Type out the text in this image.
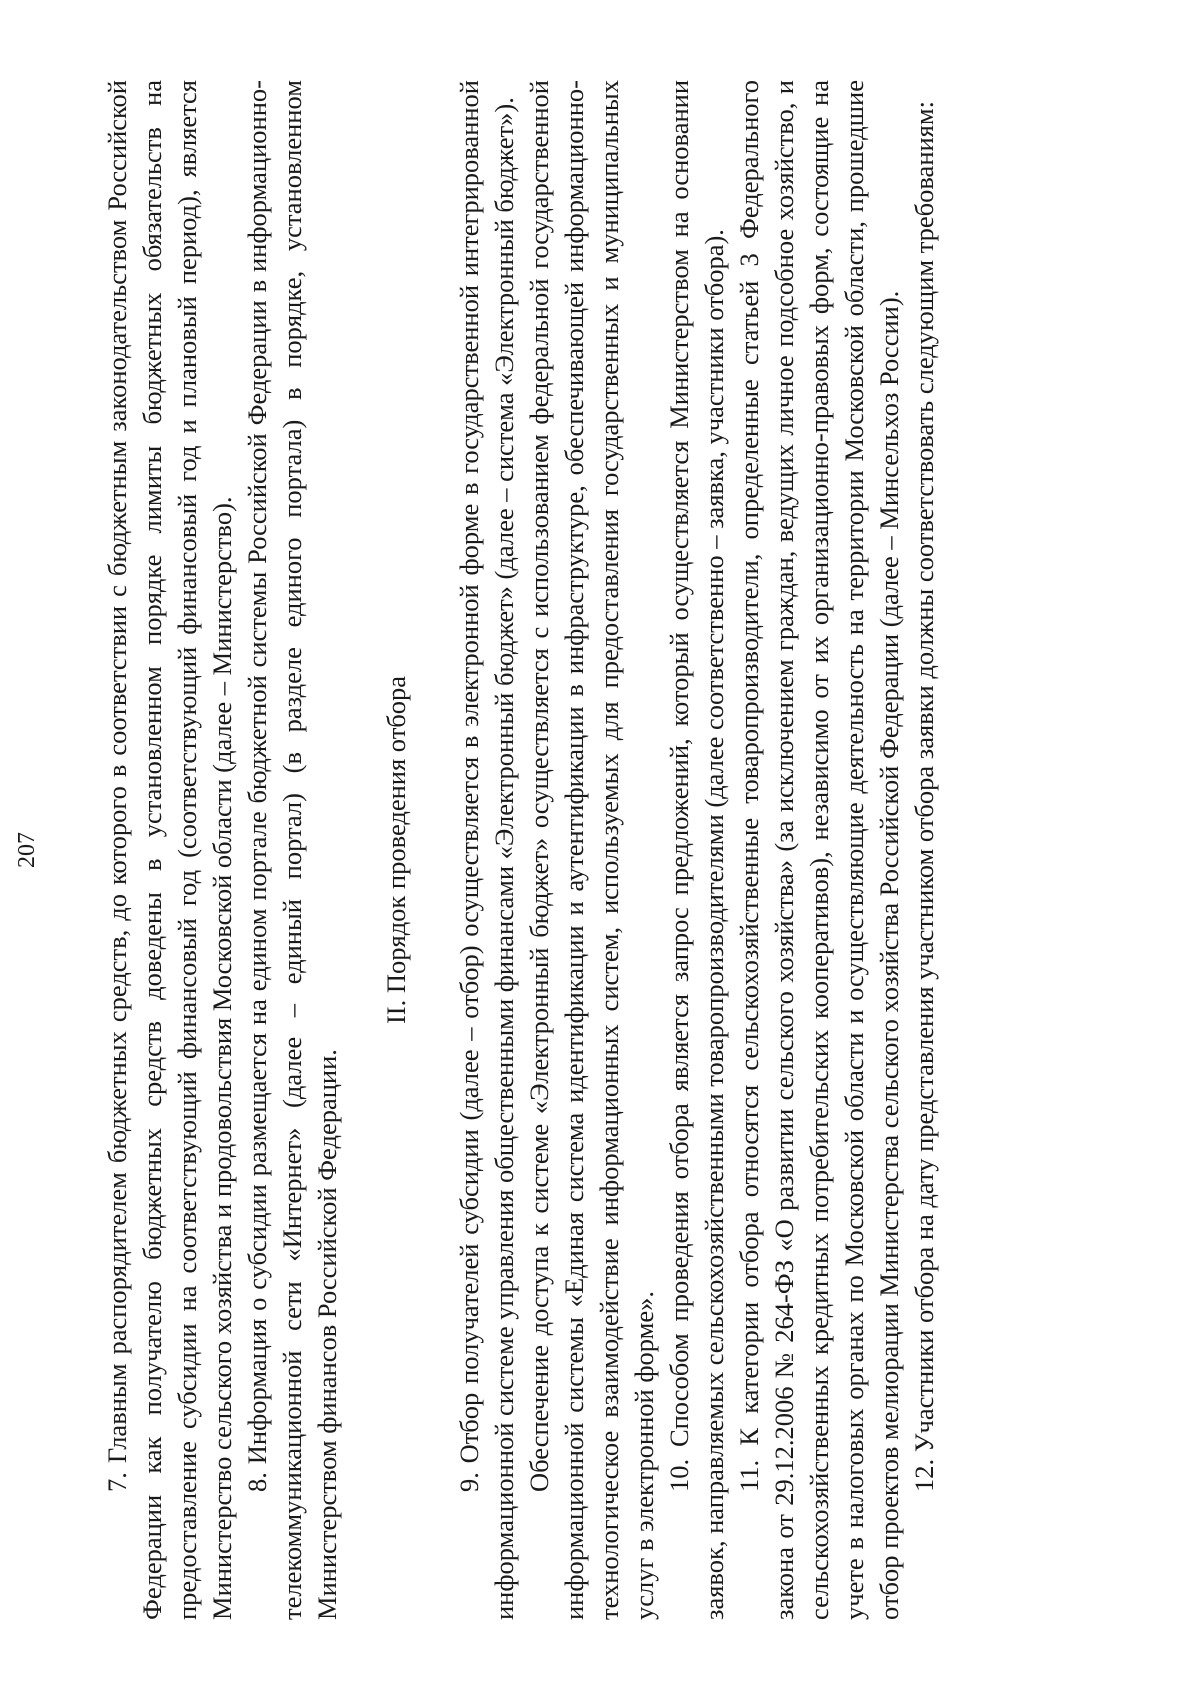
207 7. Главным распорядителем бюджетных средств, до которого в соответствии с бюджетным законодательством Российской Федерации как получателю бюджетных средств доведены в установленном порядке лимиты бюджетных обязательств на предоставление субсидии на соответствующий финансовый год (соответствующий финансовый год и плановый период), является Министерство сельского хозяйства и продовольствия Московской области (далее – Министерство). 8. Информация о субсидии размещается на едином портале бюджетной системы Российской Федерации в информационно-телекоммуникационной сети «Интернет» (далее – единый портал) (в разделе единого портала) в порядке, установленном Министерством финансов Российской Федерации.

II. Порядок проведения отбора 9. Отбор получателей субсидии (далее – отбор) осуществляется в электронной форме в государственной интегрированной информационной системе управления общественными финансами «Электронный бюджет» (далее – система «Электронный бюджет»). Обеспечение доступа к системе «Электронный бюджет» осуществляется с использованием федеральной государственной информационной системы «Единая система идентификации и аутентификации в инфраструктуре, обеспечивающей информационно-технологическое взаимодействие информационных систем, используемых для предоставления государственных и муниципальных услуг в электронной форме». 10. Способом проведения отбора является запрос предложений, который осуществляется Министерством на основании заявок, направляемых сельскохозяйственными товаропроизводителями (далее соответственно – заявка, участники отбора). 11. К категории отбора относятся сельскохозяйственные товаропроизводители, определенные статьей 3 Федерального закона от 29.12.2006 № 264-ФЗ «О развитии сельского хозяйства» (за исключением граждан, ведущих личное подсобное хозяйство, и сельскохозяйственных кредитных потребительских кооперативов), независимо от их организационно-правовых форм, состоящие на учете в налоговых органах по Московской области и осуществляющие деятельность на территории Московской области, прошедшие отбор проектов мелиорации Министерства сельского хозяйства Российской Федерации (далее – Минсельхоз России). 12. Участники отбора на дату представления участником отбора заявки должны соответствовать следующим требованиям:
